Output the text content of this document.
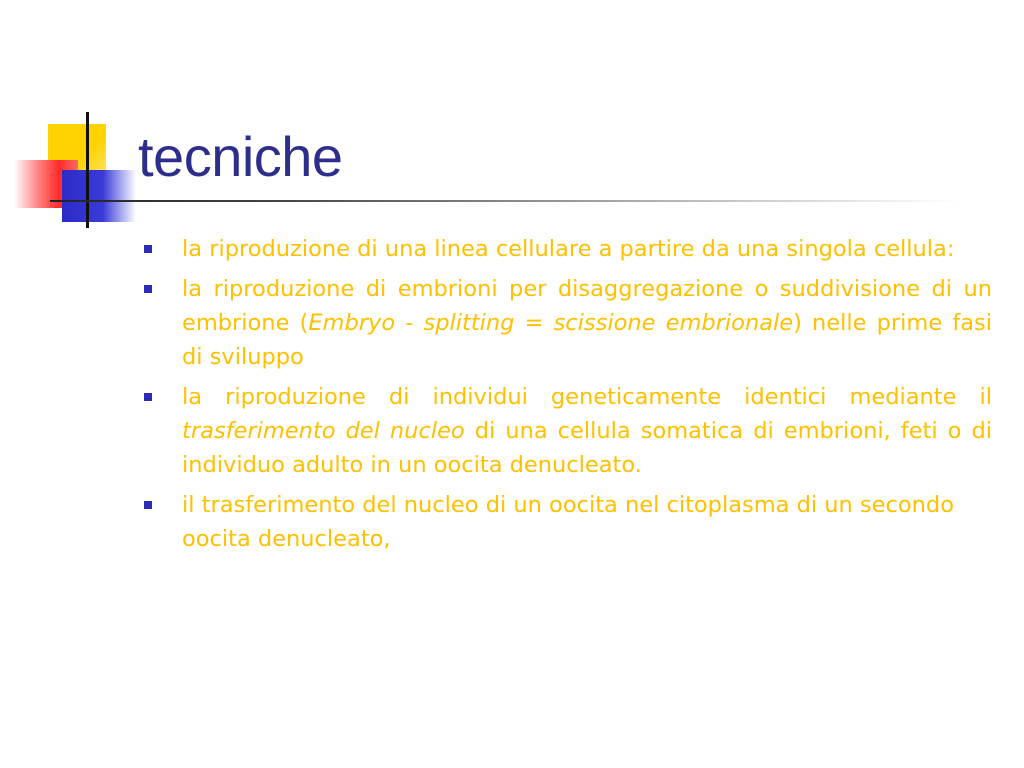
tecniche
la riproduzione di una linea cellulare a partire da una singola cellula:
la riproduzione di embrioni per disaggregazione o suddivisione di un embrione (Embryo - splitting = scissione embrionale) nelle prime fasi di sviluppo
la riproduzione di individui geneticamente identici mediante il trasferimento del nucleo di una cellula somatica di embrioni, feti o di individuo adulto in un oocita denucleato.
il trasferimento del nucleo di un oocita nel citoplasma di un secondo oocita denucleato,
